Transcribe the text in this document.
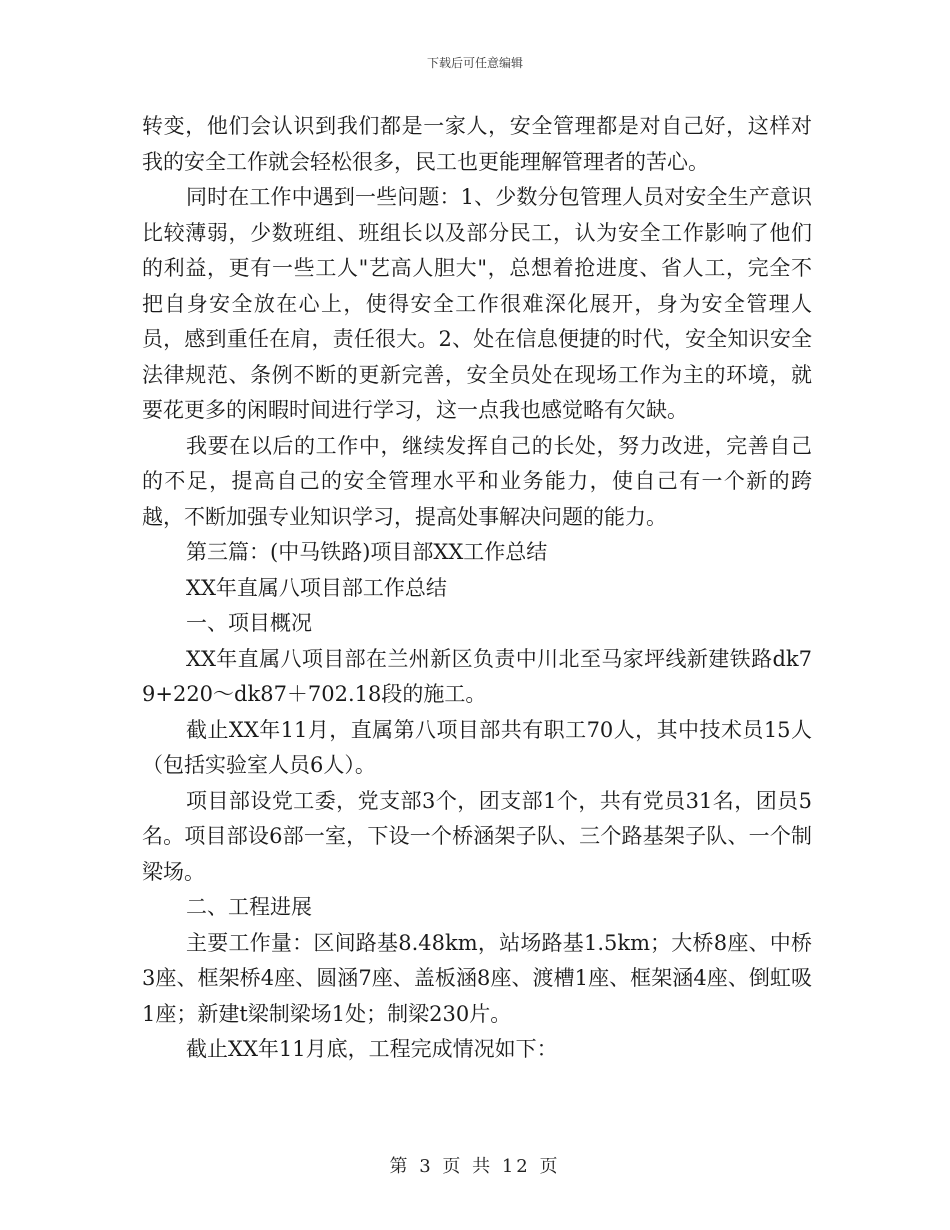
下载后可任意编辑

转变，他们会认识到我们都是一家人，安全管理都是对自己好，这样对我的安全工作就会轻松很多，民工也更能理解管理者的苦心。

同时在工作中遇到一些问题：1、少数分包管理人员对安全生产意识比较薄弱，少数班组、班组长以及部分民工，认为安全工作影响了他们的利益，更有一些工人"艺高人胆大"，总想着抢进度、省人工，完全不把自身安全放在心上，使得安全工作很难深化展开，身为安全管理人员，感到重任在肩，责任很大。2、处在信息便捷的时代，安全知识安全法律规范、条例不断的更新完善，安全员处在现场工作为主的环境，就要花更多的闲暇时间进行学习，这一点我也感觉略有欠缺。

我要在以后的工作中，继续发挥自己的长处，努力改进，完善自己的不足，提高自己的安全管理水平和业务能力，使自己有一个新的跨越，不断加强专业知识学习，提高处事解决问题的能力。

第三篇：(中马铁路)项目部XX工作总结

XX年直属八项目部工作总结

一、项目概况

XX年直属八项目部在兰州新区负责中川北至马家坪线新建铁路dk79+220～dk87＋702.18段的施工。

截止XX年11月，直属第八项目部共有职工70人，其中技术员15人（包括实验室人员6人）。

项目部设党工委，党支部3个，团支部1个，共有党员31名，团员5名。项目部设6部一室，下设一个桥涵架子队、三个路基架子队、一个制梁场。

二、工程进展

主要工作量：区间路基8.48km，站场路基1.5km；大桥8座、中桥3座、框架桥4座、圆涵7座、盖板涵8座、渡槽1座、框架涵4座、倒虹吸1座；新建t梁制梁场1处；制梁230片。

截止XX年11月底，工程完成情况如下：

第 3 页 共 12 页
